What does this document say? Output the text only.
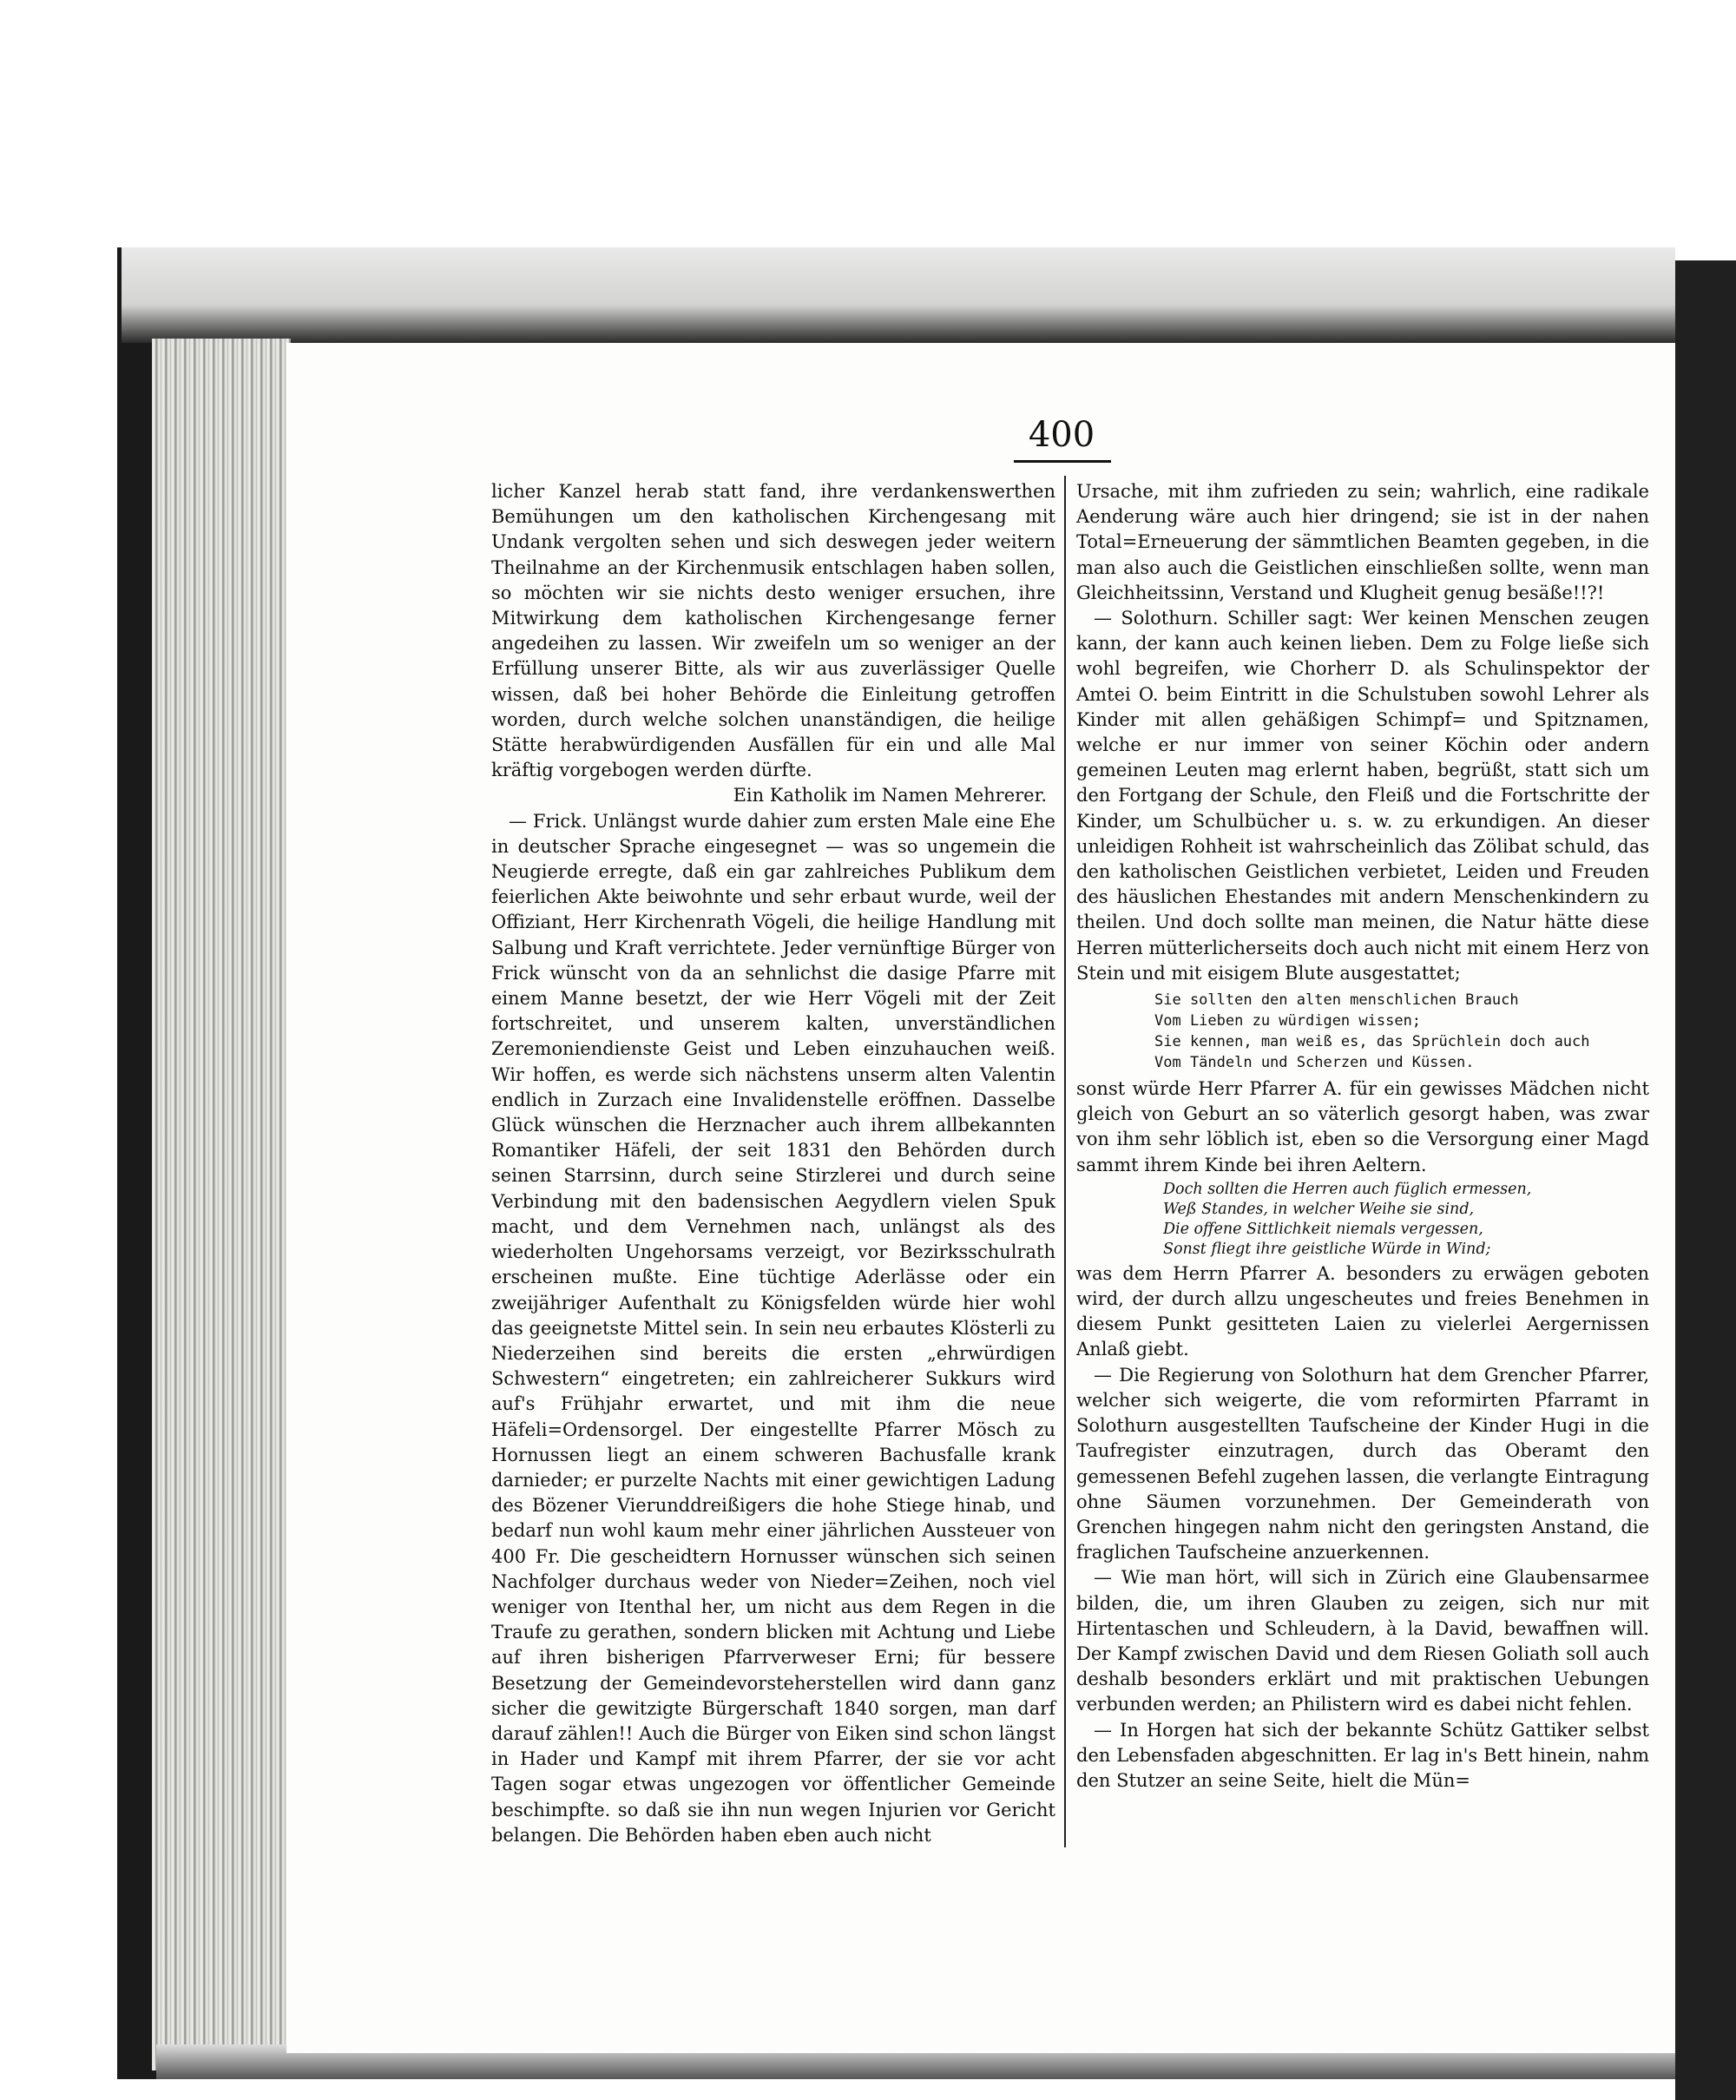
400

licher Kanzel herab statt fand, ihre verdankenswerthen Bemühungen um den katholischen Kirchengesang mit Undank vergolten sehen und sich deswegen jeder weitern Theilnahme an der Kirchenmusik entschlagen haben sollen, so möchten wir sie nichts desto weniger ersuchen, ihre Mitwirkung dem katholischen Kirchengesange ferner angedeihen zu lassen. Wir zweifeln um so weniger an der Erfüllung unserer Bitte, als wir aus zuverlässiger Quelle wissen, daß bei hoher Behörde die Einleitung getroffen worden, durch welche solchen unanständigen, die heilige Stätte herabwürdigenden Ausfällen für ein und alle Mal kräftig vorgebogen werden dürfte.

Ein Katholik im Namen Mehrerer.

— Frick. Unlängst wurde dahier zum ersten Male eine Ehe in deutscher Sprache eingesegnet — was so ungemein die Neugierde erregte, daß ein gar zahlreiches Publikum dem feierlichen Akte beiwohnte und sehr erbaut wurde, weil der Offiziant, Herr Kirchenrath Vögeli, die heilige Handlung mit Salbung und Kraft verrichtete. Jeder vernünftige Bürger von Frick wünscht von da an sehnlichst die dasige Pfarre mit einem Manne besetzt, der wie Herr Vögeli mit der Zeit fortschreitet, und unserem kalten, unverständlichen Zeremoniendienste Geist und Leben einzuhauchen weiß. Wir hoffen, es werde sich nächstens unserm alten Valentin endlich in Zurzach eine Invalidenstelle eröffnen. Dasselbe Glück wünschen die Herznacher auch ihrem allbekannten Romantiker Häfeli, der seit 1831 den Behörden durch seinen Starrsinn, durch seine Stirzlerei und durch seine Verbindung mit den badensischen Aegydlern vielen Spuk macht, und dem Vernehmen nach, unlängst als des wiederholten Ungehorsams verzeigt, vor Bezirksschulrath erscheinen mußte. Eine tüchtige Aderlässe oder ein zweijähriger Aufenthalt zu Königsfelden würde hier wohl das geeignetste Mittel sein. In sein neu erbautes Klösterli zu Niederzeihen sind bereits die ersten „ehrwürdigen Schwestern“ eingetreten; ein zahlreicherer Sukkurs wird auf's Frühjahr erwartet, und mit ihm die neue Häfeli=Ordensorgel. Der eingestellte Pfarrer Mösch zu Hornussen liegt an einem schweren Bachusfalle krank darnieder; er purzelte Nachts mit einer gewichtigen Ladung des Bözener Vierunddreißigers die hohe Stiege hinab, und bedarf nun wohl kaum mehr einer jährlichen Aussteuer von 400 Fr. Die gescheidtern Hornusser wünschen sich seinen Nachfolger durchaus weder von Nieder=Zeihen, noch viel weniger von Itenthal her, um nicht aus dem Regen in die Traufe zu gerathen, sondern blicken mit Achtung und Liebe auf ihren bisherigen Pfarrverweser Erni; für bessere Besetzung der Gemeindevorsteherstellen wird dann ganz sicher die gewitzigte Bürgerschaft 1840 sorgen, man darf darauf zählen!! Auch die Bürger von Eiken sind schon längst in Hader und Kampf mit ihrem Pfarrer, der sie vor acht Tagen sogar etwas ungezogen vor öffentlicher Gemeinde beschimpfte. so daß sie ihn nun wegen Injurien vor Gericht belangen. Die Behörden haben eben auch nicht

Ursache, mit ihm zufrieden zu sein; wahrlich, eine radikale Aenderung wäre auch hier dringend; sie ist in der nahen Total=Erneuerung der sämmtlichen Beamten gegeben, in die man also auch die Geistlichen einschließen sollte, wenn man Gleichheitssinn, Verstand und Klugheit genug besäße!!?!

— Solothurn. Schiller sagt: Wer keinen Menschen zeugen kann, der kann auch keinen lieben. Dem zu Folge ließe sich wohl begreifen, wie Chorherr D. als Schulinspektor der Amtei O. beim Eintritt in die Schulstuben sowohl Lehrer als Kinder mit allen gehäßigen Schimpf= und Spitznamen, welche er nur immer von seiner Köchin oder andern gemeinen Leuten mag erlernt haben, begrüßt, statt sich um den Fortgang der Schule, den Fleiß und die Fortschritte der Kinder, um Schulbücher u. s. w. zu erkundigen. An dieser unleidigen Rohheit ist wahrscheinlich das Zölibat schuld, das den katholischen Geistlichen verbietet, Leiden und Freuden des häuslichen Ehestandes mit andern Menschenkindern zu theilen. Und doch sollte man meinen, die Natur hätte diese Herren mütterlicherseits doch auch nicht mit einem Herz von Stein und mit eisigem Blute ausgestattet;

Sie sollten den alten menschlichen Brauch
Vom Lieben zu würdigen wissen;
Sie kennen, man weiß es, das Sprüchlein doch auch
Vom Tändeln und Scherzen und Küssen.

sonst würde Herr Pfarrer A. für ein gewisses Mädchen nicht gleich von Geburt an so väterlich gesorgt haben, was zwar von ihm sehr löblich ist, eben so die Versorgung einer Magd sammt ihrem Kinde bei ihren Aeltern.

Doch sollten die Herren auch füglich ermessen,
Weß Standes, in welcher Weihe sie sind,
Die offene Sittlichkeit niemals vergessen,
Sonst fliegt ihre geistliche Würde in Wind;

was dem Herrn Pfarrer A. besonders zu erwägen geboten wird, der durch allzu ungescheutes und freies Benehmen in diesem Punkt gesitteten Laien zu vielerlei Aergernissen Anlaß giebt.

— Die Regierung von Solothurn hat dem Grencher Pfarrer, welcher sich weigerte, die vom reformirten Pfarramt in Solothurn ausgestellten Taufscheine der Kinder Hugi in die Taufregister einzutragen, durch das Oberamt den gemessenen Befehl zugehen lassen, die verlangte Eintragung ohne Säumen vorzunehmen. Der Gemeinderath von Grenchen hingegen nahm nicht den geringsten Anstand, die fraglichen Taufscheine anzuerkennen.

— Wie man hört, will sich in Zürich eine Glaubensarmee bilden, die, um ihren Glauben zu zeigen, sich nur mit Hirtentaschen und Schleudern, à la David, bewaffnen will. Der Kampf zwischen David und dem Riesen Goliath soll auch deshalb besonders erklärt und mit praktischen Uebungen verbunden werden; an Philistern wird es dabei nicht fehlen.

— In Horgen hat sich der bekannte Schütz Gattiker selbst den Lebensfaden abgeschnitten. Er lag in's Bett hinein, nahm den Stutzer an seine Seite, hielt die Mün=
